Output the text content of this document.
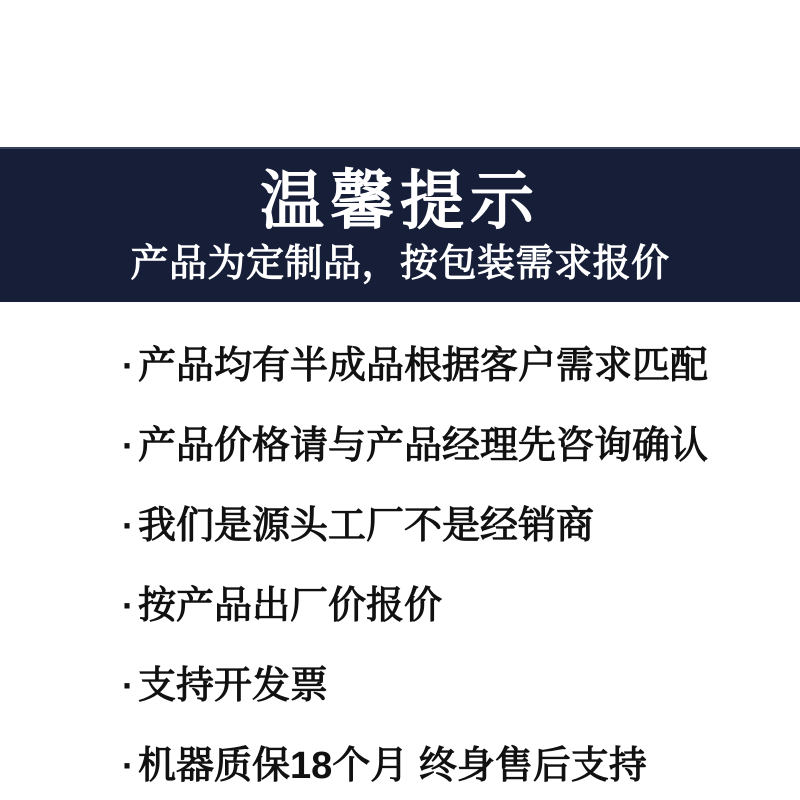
温馨提示

产品为定制品，按包装需求报价

· 产品均有半成品根据客户需求匹配
· 产品价格请与产品经理先咨询确认
· 我们是源头工厂不是经销商
· 按产品出厂价报价
· 支持开发票
· 机器质保18个月 终身售后支持
